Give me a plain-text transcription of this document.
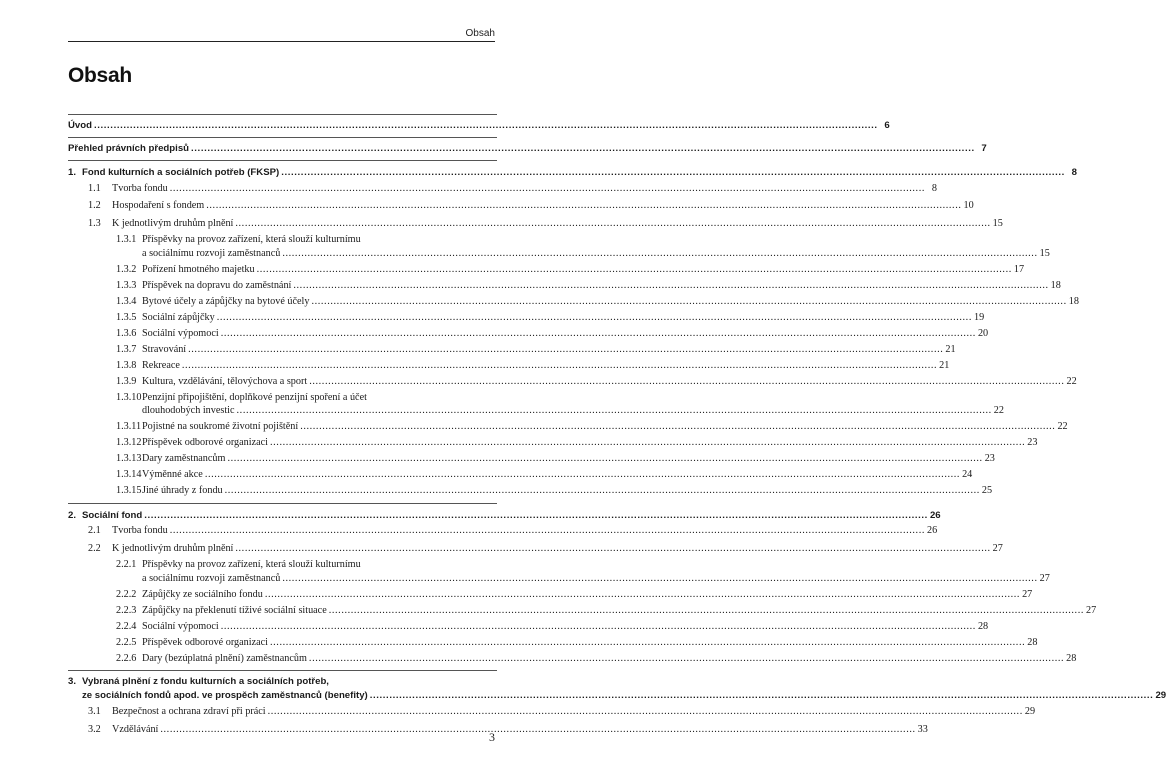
Obsah
Obsah
Úvod .....	6
Přehled právních předpisů .....	7
1. Fond kulturních a sociálních potřeb (FKSP) .....	8
1.1	Tvorba fondu .....	8
1.2	Hospodaření s fondem .....	10
1.3	K jednotlivým druhům plnění .....	15
1.3.1 Příspěvky na provoz zařízení, která slouží kulturnímu
a sociálnímu rozvoji zaměstnanců .....	15
1.3.2 Pořízení hmotného majetku .....	17
1.3.3 Příspěvek na dopravu do zaměstnání .....	18
1.3.4 Bytové účely a zápůjčky na bytové účely .....	18
1.3.5 Sociální zápůjčky .....	19
1.3.6 Sociální výpomoci .....	20
1.3.7 Stravování .....	21
1.3.8 Rekreace .....	21
1.3.9 Kultura, vzdělávání, tělovýchova a sport .....	22
1.3.10 Penzijní připojištění, doplňkové penzijní spoření a účet
dlouhodobých investic .....	22
1.3.11 Pojistné na soukromé životní pojištění .....	22
1.3.12 Příspěvek odborové organizaci .....	23
1.3.13 Dary zaměstnancům .....	23
1.3.14 Výměnné akce .....	24
1.3.15 Jiné úhrady z fondu .....	25
2. Sociální fond .....	26
2.1	Tvorba fondu .....	26
2.2	K jednotlivým druhům plnění .....	27
2.2.1 Příspěvky na provoz zařízení, která slouží kulturnímu
a sociálnímu rozvoji zaměstnanců .....	27
2.2.2 Zápůjčky ze sociálního fondu .....	27
2.2.3 Zápůjčky na překlenutí tíživé sociální situace .....	27
2.2.4 Sociální výpomoci .....	28
2.2.5 Příspěvek odborové organizaci .....	28
2.2.6 Dary (bezúplatná plnění) zaměstnancům .....	28
3. Vybraná plnění z fondu kulturních a sociálních potřeb,
ze sociálních fondů apod. ve prospěch zaměstnanců (benefity) .....	29
3.1	Bezpečnost a ochrana zdraví při práci .....	29
3.2	Vzdělávání .....	33
3
